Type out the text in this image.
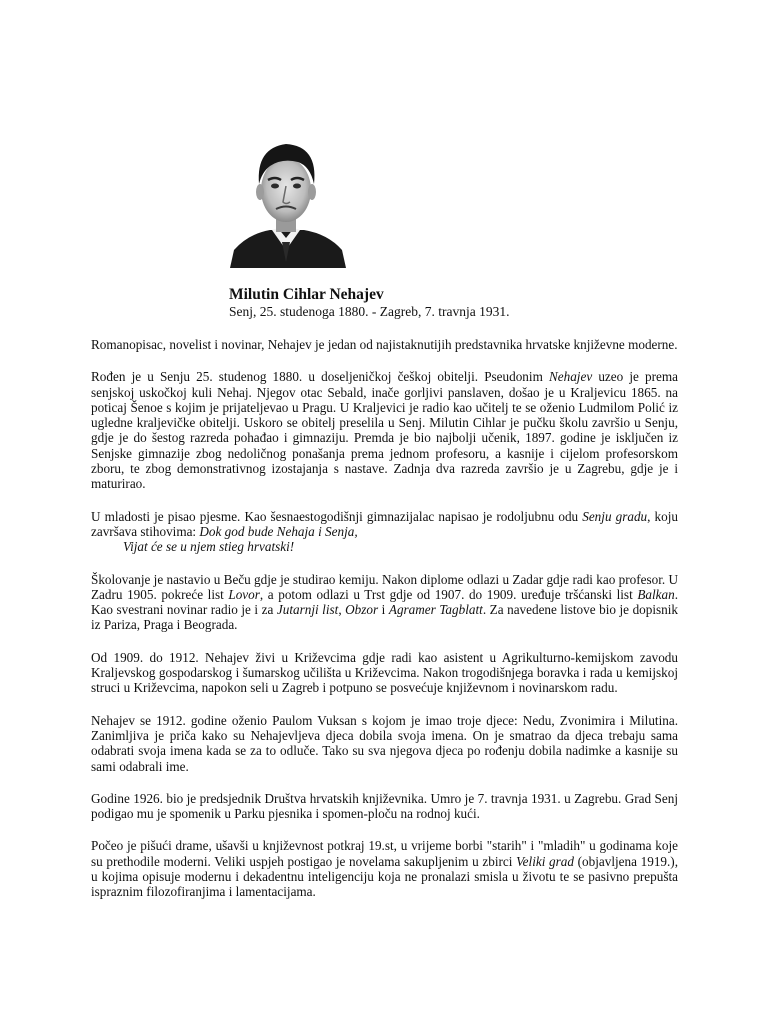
Milutin Cihlar Nehajev
Senj, 25. studenoga 1880. - Zagreb, 7. travnja 1931.

Romanopisac, novelist i novinar, Nehajev je jedan od najistaknutijih predstavnika hrvatske književne moderne.

Rođen je u Senju 25. studenog 1880. u doseljeničkoj češkoj obitelji. Pseudonim Nehajev uzeo je prema senjskoj uskočkoj kuli Nehaj. Njegov otac Sebald, inače gorljivi panslaven, došao je u Kraljevicu 1865. na poticaj Šenoe s kojim je prijateljevao u Pragu. U Kraljevici je radio kao učitelj te se oženio Ludmilom Polić iz ugledne kraljevičke obitelji. Uskoro se obitelj preselila u Senj. Milutin Cihlar je pučku školu završio u Senju, gdje je do šestog razreda pohađao i gimnaziju. Premda je bio najbolji učenik, 1897. godine je isključen iz Senjske gimnazije zbog nedoličnog ponašanja prema jednom profesoru, a kasnije i cijelom profesorskom zboru, te zbog demonstrativnog izostajanja s nastave. Zadnja dva razreda završio je u Zagrebu, gdje je i maturirao.

U mladosti je pisao pjesme. Kao šesnaestogodišnji gimnazijalac napisao je rodoljubnu odu Senju gradu, koju završava stihovima: Dok god bude Nehaja i Senja,
Vijat će se u njem stieg hrvatski!

Školovanje je nastavio u Beču gdje je studirao kemiju. Nakon diplome odlazi u Zadar gdje radi kao profesor. U Zadru 1905. pokreće list Lovor, a potom odlazi u Trst gdje od 1907. do 1909. uređuje tršćanski list Balkan. Kao svestrani novinar radio je i za Jutarnji list, Obzor i Agramer Tagblatt. Za navedene listove bio je dopisnik iz Pariza, Praga i Beograda.

Od 1909. do 1912. Nehajev živi u Križevcima gdje radi kao asistent u Agrikulturno-kemijskom zavodu Kraljevskog gospodarskog i šumarskog učilišta u Križevcima. Nakon trogodišnjega boravka i rada u kemijskoj struci u Križevcima, napokon seli u Zagreb i potpuno se posvećuje književnom i novinarskom radu.

Nehajev se 1912. godine oženio Paulom Vuksan s kojom je imao troje djece: Nedu, Zvonimira i Milutina. Zanimljiva je priča kako su Nehajevljeva djeca dobila svoja imena. On je smatrao da djeca trebaju sama odabrati svoja imena kada se za to odluče. Tako su sva njegova djeca po rođenju dobila nadimke a kasnije su sami odabrali ime.

Godine 1926. bio je predsjednik Društva hrvatskih književnika. Umro je 7. travnja 1931. u Zagrebu. Grad Senj podigao mu je spomenik u Parku pjesnika i spomen-ploču na rodnoj kući.

Počeo je pišući drame, ušavši u književnost potkraj 19.st, u vrijeme borbi "starih" i "mladih" u godinama koje su prethodile moderni. Veliki uspjeh postigao je novelama sakupljenim u zbirci Veliki grad (objavljena 1919.), u kojima opisuje modernu i dekadentnu inteligenciju koja ne pronalazi smisla u životu te se pasivno prepušta ispraznim filozofiranjima i lamentacijama.
